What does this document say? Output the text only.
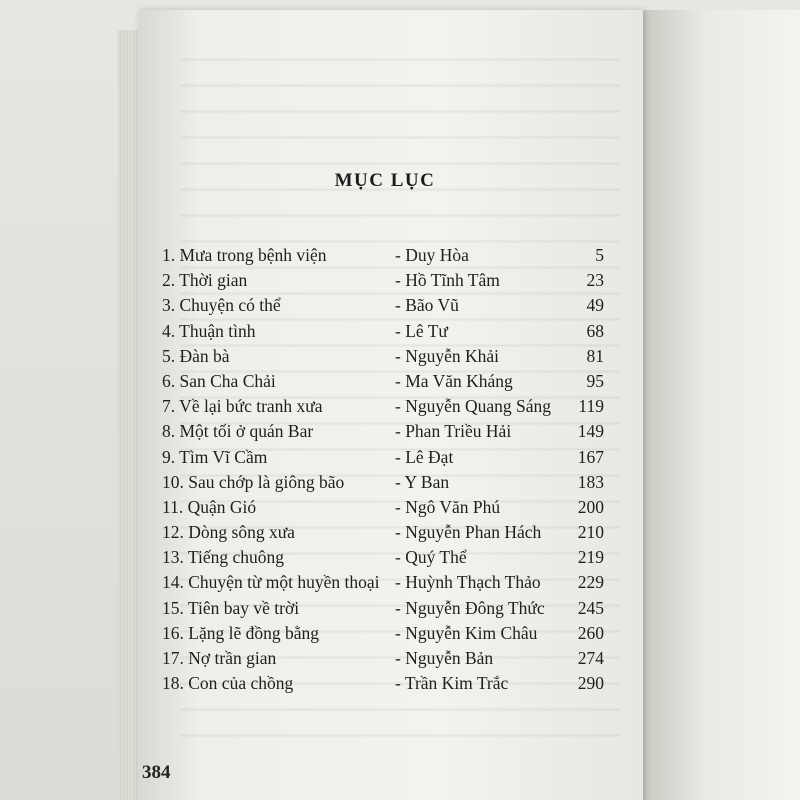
MỤC LỤC
1. Mưa trong bệnh viện	- Duy Hòa	5
2. Thời gian	- Hồ Tĩnh Tâm	23
3. Chuyện có thể	- Bão Vũ	49
4. Thuận tình	- Lê Tư	68
5. Đàn bà	- Nguyễn Khải	81
6. San Cha Chải	- Ma Văn Kháng	95
7. Về lại bức tranh xưa	- Nguyễn Quang Sáng 119
8. Một tối ở quán Bar	- Phan Triều Hải	149
9. Tìm Vĩ Cầm	- Lê Đạt	167
10. Sau chớp là giông bão	- Y Ban	183
11. Quận Gió	- Ngô Văn Phú	200
12. Dòng sông xưa	- Nguyễn Phan Hách 210
13. Tiếng chuông	- Quý Thể	219
14. Chuyện từ một huyền thoại - Huỳnh Thạch Thảo 229
15. Tiên bay về trời	- Nguyễn Đông Thức 245
16. Lặng lẽ đồng bằng	- Nguyễn Kim Châu 260
17. Nợ trần gian	- Nguyễn Bản	274
18. Con của chồng	- Trần Kim Trắc	290
384
